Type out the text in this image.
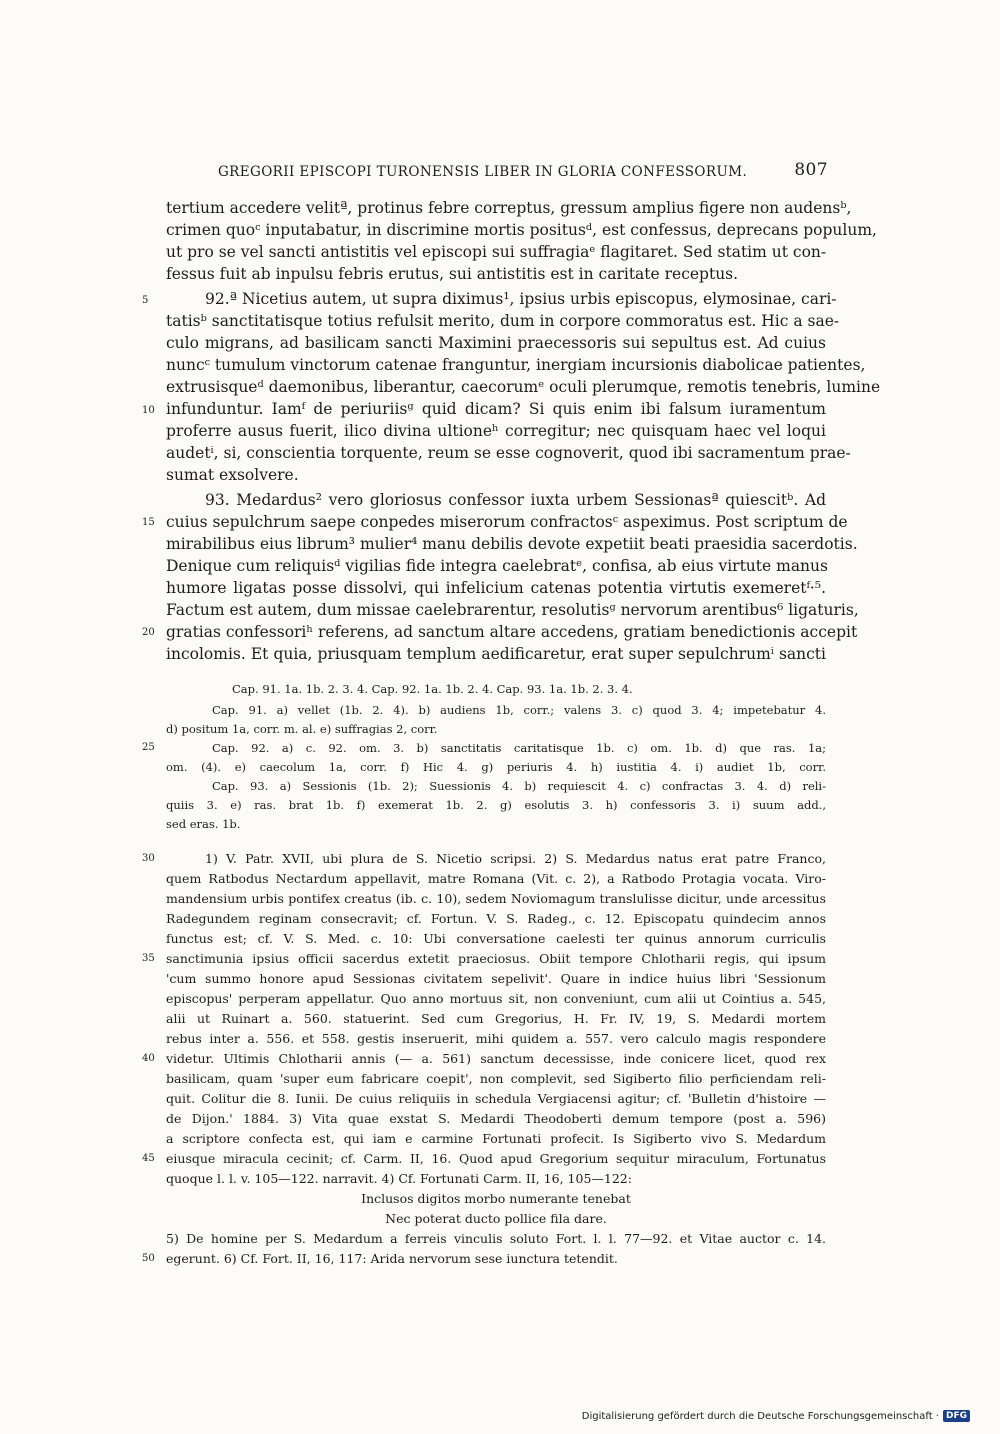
GREGORII EPISCOPI TURONENSIS LIBER IN GLORIA CONFESSORUM.	807
tertium accedere velitª, protinus febre correptus, gressum amplius figere non audensᵇ,
crimen quoᶜ inputabatur, in discrimine mortis positusᵈ, est confessus, deprecans populum,
ut pro se vel sancti antistitis vel episcopi sui suffragiaᵉ flagitaret. Sed statim ut con-
fessus fuit ab inpulsu febris erutus, sui antistitis est in caritate receptus.
92.ª Nicetius autem, ut supra diximus¹, ipsius urbis episcopus, elymosinae, cari-
tatisᵇ sanctitatisque totius refulsit merito, dum in corpore commoratus est. Hic a sae-
culo migrans, ad basilicam sancti Maximini praecessoris sui sepultus est. Ad cuius
nuncᶜ tumulum vinctorum catenae franguntur, inergiam incursionis diabolicae patientes,
extrusisqueᵈ daemonibus, liberantur, caecorumᵉ oculi plerumque, remotis tenebris, lumine
infunduntur. Iamᶠ de periuriisᵍ quid dicam? Si quis enim ibi falsum iuramentum
proferre ausus fuerit, ilico divina ultioneʰ corregitur; nec quisquam haec vel loqui
audetⁱ, si, conscientia torquente, reum se esse cognoverit, quod ibi sacramentum prae-
sumat exsolvere.
93. Medardus² vero gloriosus confessor iuxta urbem Sessionasª quiescitᵇ. Ad
cuius sepulchrum saepe conpedes miserorum confractosᶜ aspeximus. Post scriptum de
mirabilibus eius librum³ mulier⁴ manu debilis devote expetiit beati praesidia sacerdotis.
Denique cum reliquisᵈ vigilias fide integra caelebratᵉ, confisa, ab eius virtute manus
humore ligatas posse dissolvi, qui infelicium catenas potentia virtutis exemeretᶠ·⁵.
Factum est autem, dum missae caelebrarentur, resolutisᵍ nervorum arentibus⁶ ligaturis,
gratias confessoriʰ referens, ad sanctum altare accedens, gratiam benedictionis accepit
incolomis. Et quia, priusquam templum aedificaretur, erat super sepulchrumⁱ sancti
Cap. 91. 1a. 1b. 2. 3. 4. Cap. 92. 1a. 1b. 2. 4. Cap. 93. 1a. 1b. 2. 3. 4.
Cap. 91. a) vellet (1b. 2. 4). b) audiens 1b, corr.; valens 3. c) quod 3. 4; impetebatur 4.
d) positum 1a, corr. m. al. e) suffragias 2, corr.
Cap. 92. a) c. 92. om. 3. b) sanctitatis caritatisque 1b. c) om. 1b. d) que ras. 1a;
om. (4). e) caecolum 1a, corr. f) Hic 4. g) periuris 4. h) iustitia 4. i) audiet 1b, corr.
Cap. 93. a) Sessionis (1b. 2); Suessionis 4. b) requiescit 4. c) confractas 3. 4. d) reli-
quiis 3. e) ras. brat 1b. f) exemerat 1b. 2. g) esolutis 3. h) confessoris 3. i) suum add.,
sed eras. 1b.
1) V. Patr. XVII, ubi plura de S. Nicetio scripsi. 2) S. Medardus natus erat patre Franco,
quem Ratbodus Nectardum appellavit, matre Romana (Vit. c. 2), a Ratbodo Protagia vocata. Viro-
mandensium urbis pontifex creatus (ib. c. 10), sedem Noviomagum translulisse dicitur, unde arcessitus
Radegundem reginam consecravit; cf. Fortun. V. S. Radeg., c. 12. Episcopatu quindecim annos
functus est; cf. V. S. Med. c. 10: Ubi conversatione caelesti ter quinus annorum curriculis
sanctimunia ipsius officii sacerdus extetit praeciosus. Obiit tempore Chlotharii regis, qui ipsum
'cum summo honore apud Sessionas civitatem sepelivit'. Quare in indice huius libri 'Sessionum
episcopus' perperam appellatur. Quo anno mortuus sit, non conveniunt, cum alii ut Cointius a. 545,
alii ut Ruinart a. 560. statuerint. Sed cum Gregorius, H. Fr. IV, 19, S. Medardi mortem
rebus inter a. 556. et 558. gestis inseruerit, mihi quidem a. 557. vero calculo magis respondere
videtur. Ultimis Chlotharii annis (— a. 561) sanctum decessisse, inde conicere licet, quod rex
basilicam, quam 'super eum fabricare coepit', non complevit, sed Sigiberto filio perficiendam reli-
quit. Colitur die 8. Iunii. De cuius reliquiis in schedula Vergiacensi agitur; cf. 'Bulletin d'histoire —
de Dijon.' 1884. 3) Vita quae exstat S. Medardi Theodoberti demum tempore (post a. 596)
a scriptore confecta est, qui iam e carmine Fortunati profecit. Is Sigiberto vivo S. Medardum
eiusque miracula cecinit; cf. Carm. II, 16. Quod apud Gregorium sequitur miraculum, Fortunatus
quoque l. l. v. 105—122. narravit. 4) Cf. Fortunati Carm. II, 16, 105—122:
Inclusos digitos morbo numerante tenebat
Nec poterat ducto pollice fila dare.
5) De homine per S. Medardum a ferreis vinculis soluto Fort. l. l. 77—92. et Vitae auctor c. 14.
egerunt. 6) Cf. Fort. II, 16, 117: Arida nervorum sese iunctura tetendit.
5
10
15
20
25
30
35
40
45
50
Digitalisierung gefördert durch die Deutsche Forschungsgemeinschaft · DFG
